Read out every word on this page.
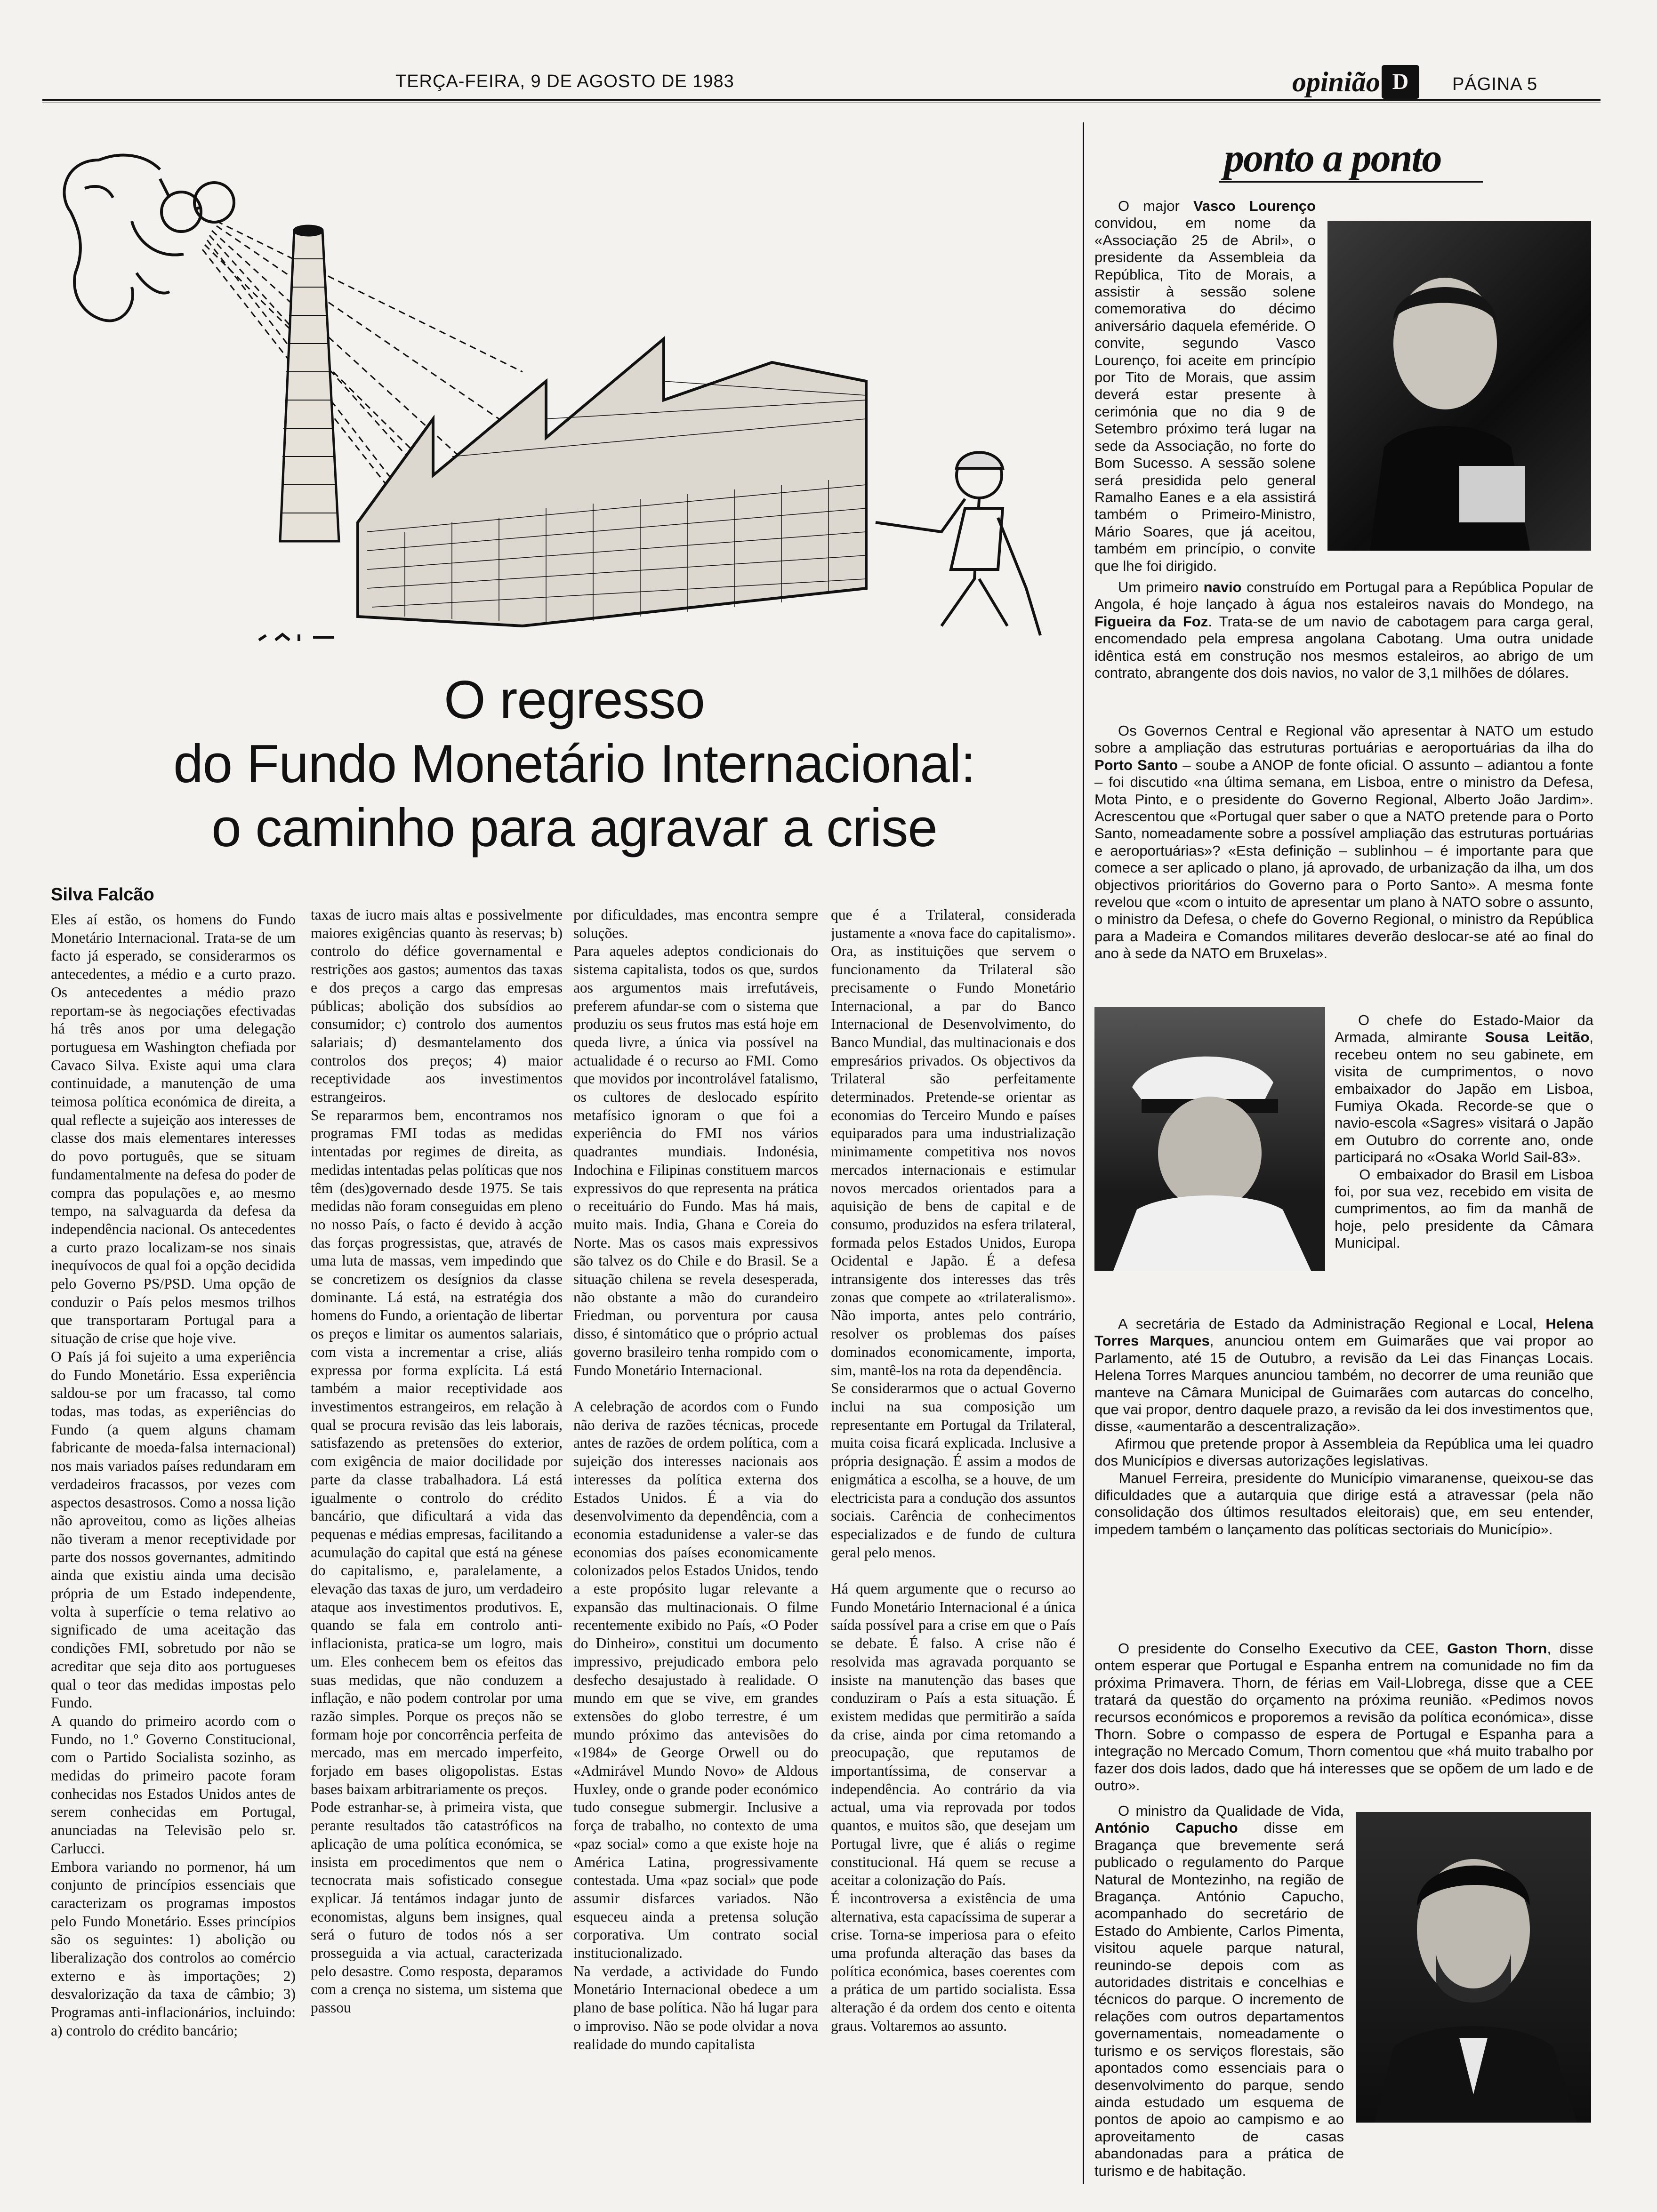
TERÇA-FEIRA, 9 DE AGOSTO DE 1983	opinião D	PÁGINA 5
O regresso
do Fundo Monetário Internacional:
o caminho para agravar a crise
Silva Falcão
Eles aí estão, os homens do Fundo Monetário Internacional. Trata-se de um facto já esperado, se considerarmos os antecedentes, a médio e a curto prazo. Os antecedentes a médio prazo reportam-se às negociações efectivadas há três anos por uma delegação portuguesa em Washington chefiada por Cavaco Silva. Existe aqui uma clara continuidade, a manutenção de uma teimosa política económica de direita, a qual reflecte a sujeição aos interesses de classe dos mais elementares interesses do povo português, que se situam fundamentalmente na defesa do poder de compra das populações e, ao mesmo tempo, na salvaguarda da defesa da independência nacional. Os antecedentes a curto prazo localizam-se nos sinais inequívocos de qual foi a opção decidida pelo Governo PS/PSD. Uma opção de conduzir o País pelos mesmos trilhos que transportaram Portugal para a situação de crise que hoje vive.
O País já foi sujeito a uma experiência do Fundo Monetário. Essa experiência saldou-se por um fracasso, tal como todas, mas todas, as experiências do Fundo (a quem alguns chamam fabricante de moeda-falsa internacional) nos mais variados países redundaram em verdadeiros fracassos, por vezes com aspectos desastrosos. Como a nossa lição não aproveitou, como as lições alheias não tiveram a menor receptividade por parte dos nossos governantes, admitindo ainda que existiu ainda uma decisão própria de um Estado independente, volta à superfície o tema relativo ao significado de uma aceitação das condições FMI, sobretudo por não se acreditar que seja dito aos portugueses qual o teor das medidas impostas pelo Fundo.
A quando do primeiro acordo com o Fundo, no 1.º Governo Constitucional, com o Partido Socialista sozinho, as medidas do primeiro pacote foram conhecidas nos Estados Unidos antes de serem conhecidas em Portugal, anunciadas na Televisão pelo sr. Carlucci.
Embora variando no pormenor, há um conjunto de princípios essenciais que caracterizam os programas impostos pelo Fundo Monetário. Esses princípios são os seguintes: 1) abolição ou liberalização dos controlos ao comércio externo e às importações; 2) desvalorização da taxa de câmbio; 3) Programas anti-inflacionários, incluindo: a) controlo do crédito bancário;
taxas de iucro mais altas e possivelmente maiores exigências quanto às reservas; b) controlo do défice governamental e restrições aos gastos; aumentos das taxas e dos preços a cargo das empresas públicas; abolição dos subsídios ao consumidor; c) controlo dos aumentos salariais; d) desmantelamento dos controlos dos preços; 4) maior receptividade aos investimentos estrangeiros.
Se repararmos bem, encontramos nos programas FMI todas as medidas intentadas por regimes de direita, as medidas intentadas pelas políticas que nos têm (des)governado desde 1975. Se tais medidas não foram conseguidas em pleno no nosso País, o facto é devido à acção das forças progressistas, que, através de uma luta de massas, vem impedindo que se concretizem os desígnios da classe dominante. Lá está, na estratégia dos homens do Fundo, a orientação de libertar os preços e limitar os aumentos salariais, com vista a incrementar a crise, aliás expressa por forma explícita. Lá está também a maior receptividade aos investimentos estrangeiros, em relação à qual se procura revisão das leis laborais, satisfazendo as pretensões do exterior, com exigência de maior docilidade por parte da classe trabalhadora. Lá está igualmente o controlo do crédito bancário, que dificultará a vida das pequenas e médias empresas, facilitando a acumulação do capital que está na génese do capitalismo, e, paralelamente, a elevação das taxas de juro, um verdadeiro ataque aos investimentos produtivos. E, quando se fala em controlo anti-inflacionista, pratica-se um logro, mais um. Eles conhecem bem os efeitos das suas medidas, que não conduzem a inflação, e não podem controlar por uma razão simples. Porque os preços não se formam hoje por concorrência perfeita de mercado, mas em mercado imperfeito, forjado em bases oligopolistas. Estas bases baixam arbitrariamente os preços.
Pode estranhar-se, à primeira vista, que perante resultados tão catastróficos na aplicação de uma política económica, se insista em procedimentos que nem o tecnocrata mais sofisticado consegue explicar. Já tentámos indagar junto de economistas, alguns bem insignes, qual será o futuro de todos nós a ser prosseguida a via actual, caracterizada pelo desastre. Como resposta, deparamos com a crença no sistema, um sistema que passou
por dificuldades, mas encontra sempre soluções.
Para aqueles adeptos condicionais do sistema capitalista, todos os que, surdos aos argumentos mais irrefutáveis, preferem afundar-se com o sistema que produziu os seus frutos mas está hoje em queda livre, a única via possível na actualidade é o recurso ao FMI. Como que movidos por incontrolável fatalismo, os cultores de deslocado espírito metafísico ignoram o que foi a experiência do FMI nos vários quadrantes mundiais. Indonésia, Indochina e Filipinas constituem marcos expressivos do que representa na prática o receituário do Fundo. Mas há mais, muito mais. India, Ghana e Coreia do Norte. Mas os casos mais expressivos são talvez os do Chile e do Brasil. Se a situação chilena se revela desesperada, não obstante a mão do curandeiro Friedman, ou porventura por causa disso, é sintomático que o próprio actual governo brasileiro tenha rompido com o Fundo Monetário Internacional.

A celebração de acordos com o Fundo não deriva de razões técnicas, procede antes de razões de ordem política, com a sujeição dos interesses nacionais aos interesses da política externa dos Estados Unidos. É a via do desenvolvimento da dependência, com a economia estadunidense a valer-se das economias dos países economicamente colonizados pelos Estados Unidos, tendo a este propósito lugar relevante a expansão das multinacionais. O filme recentemente exibido no País, «O Poder do Dinheiro», constitui um documento impressivo, prejudicado embora pelo desfecho desajustado à realidade. O mundo em que se vive, em grandes extensões do globo terrestre, é um mundo próximo das antevisões do «1984» de George Orwell ou do «Admirável Mundo Novo» de Aldous Huxley, onde o grande poder económico tudo consegue submergir. Inclusive a força de trabalho, no contexto de uma «paz social» como a que existe hoje na América Latina, progressivamente contestada. Uma «paz social» que pode assumir disfarces variados. Não esqueceu ainda a pretensa solução corporativa. Um contrato social institucionalizado.
Na verdade, a actividade do Fundo Monetário Internacional obedece a um plano de base política. Não há lugar para o improviso. Não se pode olvidar a nova realidade do mundo capitalista
que é a Trilateral, considerada justamente a «nova face do capitalismo». Ora, as instituições que servem o funcionamento da Trilateral são precisamente o Fundo Monetário Internacional, a par do Banco Internacional de Desenvolvimento, do Banco Mundial, das multinacionais e dos empresários privados. Os objectivos da Trilateral são perfeitamente determinados. Pretende-se orientar as economias do Terceiro Mundo e países equiparados para uma industrialização minimamente competitiva nos novos mercados internacionais e estimular novos mercados orientados para a aquisição de bens de capital e de consumo, produzidos na esfera trilateral, formada pelos Estados Unidos, Europa Ocidental e Japão. É a defesa intransigente dos interesses das três zonas que compete ao «trilateralismo». Não importa, antes pelo contrário, resolver os problemas dos países dominados economicamente, importa, sim, mantê-los na rota da dependência.
Se considerarmos que o actual Governo inclui na sua composição um representante em Portugal da Trilateral, muita coisa ficará explicada. Inclusive a própria designação. É assim a modos de enigmática a escolha, se a houve, de um electricista para a condução dos assuntos sociais. Carência de conhecimentos especializados e de fundo de cultura geral pelo menos.

Há quem argumente que o recurso ao Fundo Monetário Internacional é a única saída possível para a crise em que o País se debate. É falso. A crise não é resolvida mas agravada porquanto se insiste na manutenção das bases que conduziram o País a esta situação. É existem medidas que permitirão a saída da crise, ainda por cima retomando a preocupação, que reputamos de importantíssima, de conservar a independência. Ao contrário da via actual, uma via reprovada por todos quantos, e muitos são, que desejam um Portugal livre, que é aliás o regime constitucional. Há quem se recuse a aceitar a colonização do País.
É incontroversa a existência de uma alternativa, esta capacíssima de superar a crise. Torna-se imperiosa para o efeito uma profunda alteração das bases da política económica, bases coerentes com a prática de um partido socialista. Essa alteração é da ordem dos cento e oitenta graus. Voltaremos ao assunto.
ponto a ponto

O major Vasco Lourenço convidou, em nome da «Associação 25 de Abril», o presidente da Assembleia da República, Tito de Morais, a assistir à sessão solene comemorativa do décimo aniversário daquela efeméride. O convite, segundo Vasco Lourenço, foi aceite em princípio por Tito de Morais, que assim deverá estar presente à cerimónia que no dia 9 de Setembro próximo terá lugar na sede da Associação, no forte do Bom Sucesso. A sessão solene será presidida pelo general Ramalho Eanes e a ela assistirá também o Primeiro-Ministro, Mário Soares, que já aceitou, também em princípio, o convite que lhe foi dirigido.

Um primeiro navio construído em Portugal para a República Popular de Angola, é hoje lançado à água nos estaleiros navais do Mondego, na Figueira da Foz. Trata-se de um navio de cabotagem para carga geral, encomendado pela empresa angolana Cabotang. Uma outra unidade idêntica está em construção nos mesmos estaleiros, ao abrigo de um contrato, abrangente dos dois navios, no valor de 3,1 milhões de dólares.

Os Governos Central e Regional vão apresentar à NATO um estudo sobre a ampliação das estruturas portuárias e aeroportuárias da ilha do Porto Santo – soube a ANOP de fonte oficial. O assunto – adiantou a fonte – foi discutido «na última semana, em Lisboa, entre o ministro da Defesa, Mota Pinto, e o presidente do Governo Regional, Alberto João Jardim». Acrescentou que «Portugal quer saber o que a NATO pretende para o Porto Santo, nomeadamente sobre a possível ampliação das estruturas portuárias e aeroportuárias»? «Esta definição – sublinhou – é importante para que comece a ser aplicado o plano, já aprovado, de urbanização da ilha, um dos objectivos prioritários do Governo para o Porto Santo». A mesma fonte revelou que «com o intuito de apresentar um plano à NATO sobre o assunto, o ministro da Defesa, o chefe do Governo Regional, o ministro da República para a Madeira e Comandos militares deverão deslocar-se até ao final do ano à sede da NATO em Bruxelas».

O chefe do Estado-Maior da Armada, almirante Sousa Leitão, recebeu ontem no seu gabinete, em visita de cumprimentos, o novo embaixador do Japão em Lisboa, Fumiya Okada. Recorde-se que o navio-escola «Sagres» visitará o Japão em Outubro do corrente ano, onde participará no «Osaka World Sail-83».
O embaixador do Brasil em Lisboa foi, por sua vez, recebido em visita de cumprimentos, ao fim da manhã de hoje, pelo presidente da Câmara Municipal.

A secretária de Estado da Administração Regional e Local, Helena Torres Marques, anunciou ontem em Guimarães que vai propor ao Parlamento, até 15 de Outubro, a revisão da Lei das Finanças Locais. Helena Torres Marques anunciou também, no decorrer de uma reunião que manteve na Câmara Municipal de Guimarães com autarcas do concelho, que vai propor, dentro daquele prazo, a revisão da lei dos investimentos que, disse, «aumentarão a descentralização».
Afirmou que pretende propor à Assembleia da República uma lei quadro dos Municípios e diversas autorizações legislativas.
Manuel Ferreira, presidente do Município vimaranense, queixou-se das dificuldades que a autarquia que dirige está a atravessar (pela não consolidação dos últimos resultados eleitorais) que, em seu entender, impedem também o lançamento das políticas sectoriais do Município».

O presidente do Conselho Executivo da CEE, Gaston Thorn, disse ontem esperar que Portugal e Espanha entrem na comunidade no fim da próxima Primavera. Thorn, de férias em Vail-Llobrega, disse que a CEE tratará da questão do orçamento na próxima reunião. «Pedimos novos recursos económicos e proporemos a revisão da política económica», disse Thorn. Sobre o compasso de espera de Portugal e Espanha para a integração no Mercado Comum, Thorn comentou que «há muito trabalho por fazer dos dois lados, dado que há interesses que se opõem de um lado e de outro».

O ministro da Qualidade de Vida, António Capucho disse em Bragança que brevemente será publicado o regulamento do Parque Natural de Montezinho, na região de Bragança. António Capucho, acompanhado do secretário de Estado do Ambiente, Carlos Pimenta, visitou aquele parque natural, reunindo-se depois com as autoridades distritais e concelhias e técnicos do parque. O incremento de relações com outros departamentos governamentais, nomeadamente o turismo e os serviços florestais, são apontados como essenciais para o desenvolvimento do parque, sendo ainda estudado um esquema de pontos de apoio ao campismo e ao aproveitamento de casas abandonadas para a prática de turismo e de habitação.
